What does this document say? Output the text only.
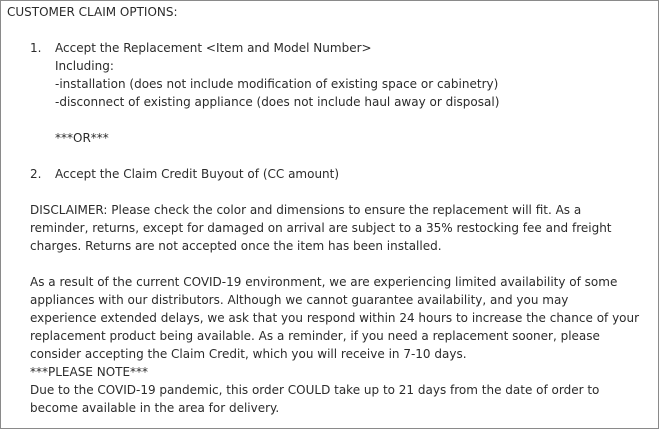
CUSTOMER CLAIM OPTIONS:
1. Accept the Replacement <Item and Model Number>
Including:
-installation (does not include modification of existing space or cabinetry)
-disconnect of existing appliance (does not include haul away or disposal)
***OR***
2. Accept the Claim Credit Buyout of (CC amount)
DISCLAIMER: Please check the color and dimensions to ensure the replacement will fit. As a
reminder, returns, except for damaged on arrival are subject to a 35% restocking fee and freight
charges. Returns are not accepted once the item has been installed.
As a result of the current COVID-19 environment, we are experiencing limited availability of some
appliances with our distributors. Although we cannot guarantee availability, and you may
experience extended delays, we ask that you respond within 24 hours to increase the chance of your
replacement product being available. As a reminder, if you need a replacement sooner, please
consider accepting the Claim Credit, which you will receive in 7-10 days.
***PLEASE NOTE***
Due to the COVID-19 pandemic, this order COULD take up to 21 days from the date of order to
become available in the area for delivery.
